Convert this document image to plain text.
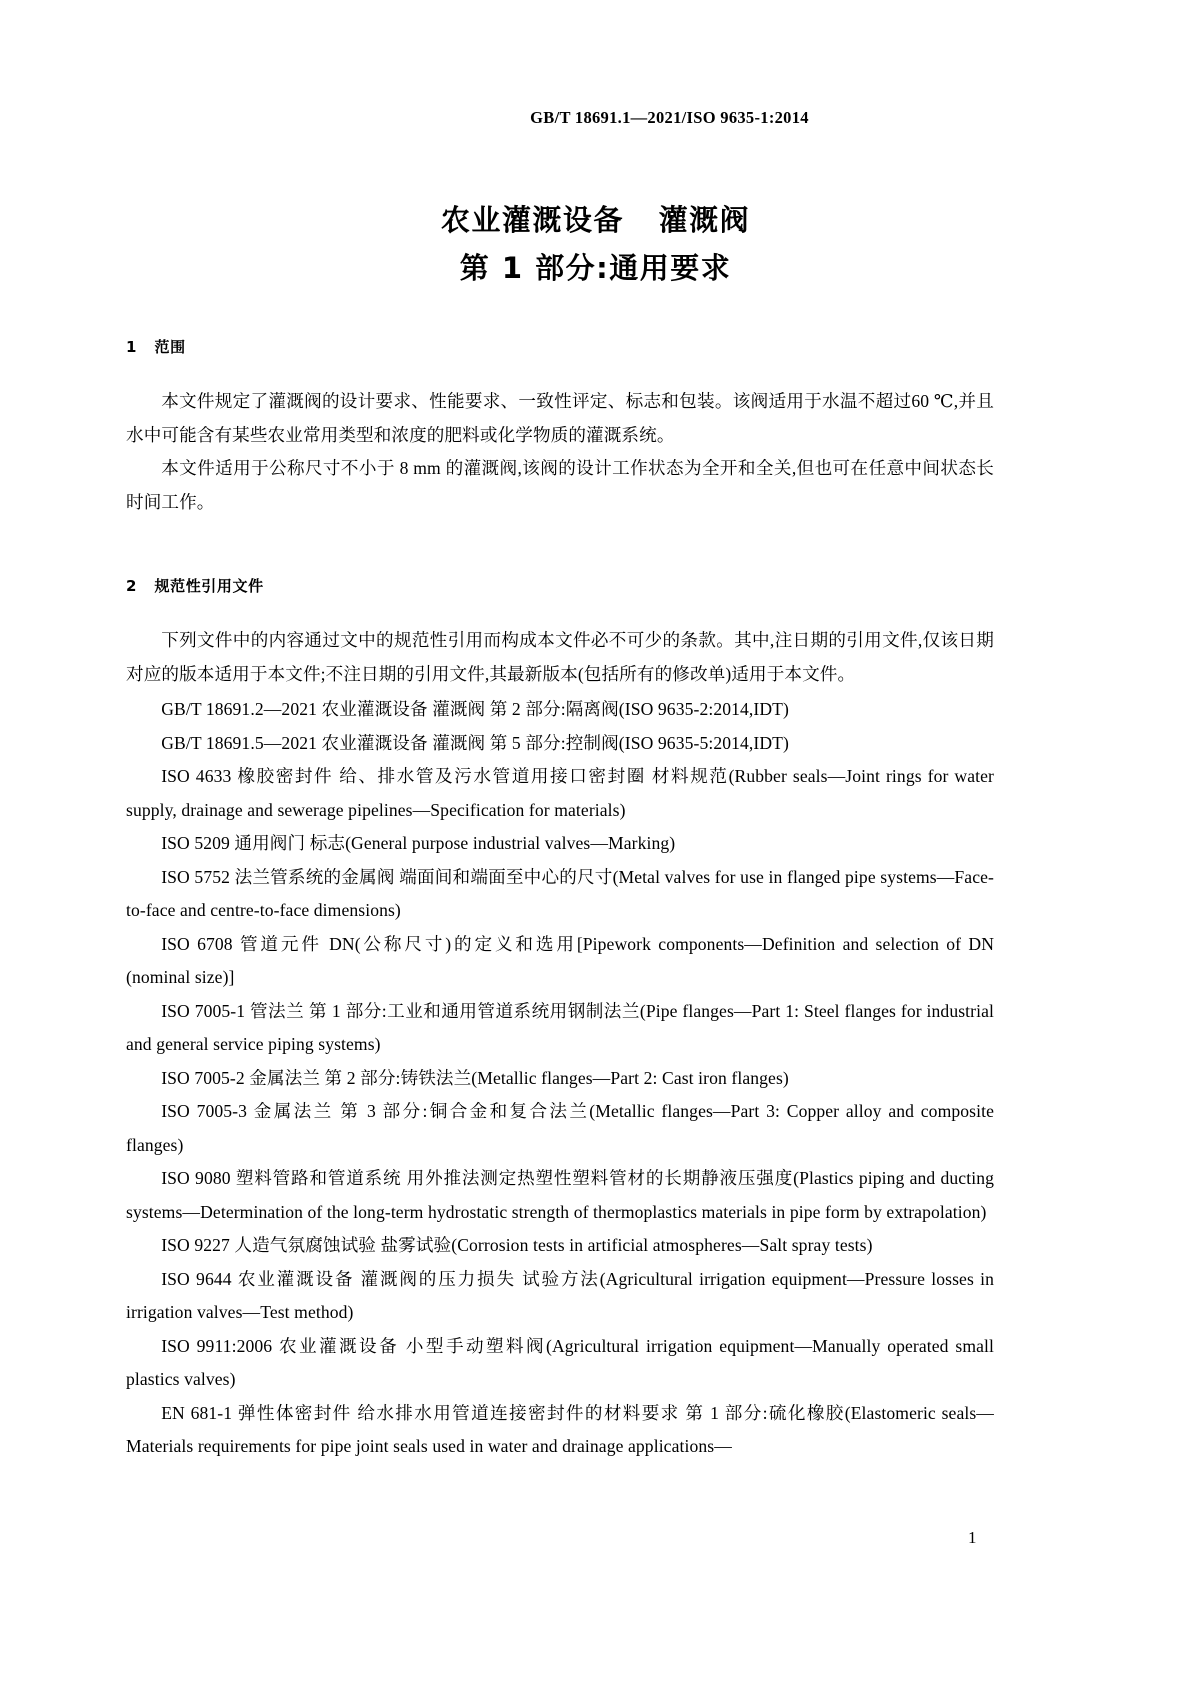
GB/T 18691.1—2021/ISO 9635-1:2014
农业灌溉设备   灌溉阀
第 1 部分:通用要求
1   范围

本文件规定了灌溉阀的设计要求、性能要求、一致性评定、标志和包装。该阀适用于水温不超过60 ℃,并且水中可能含有某些农业常用类型和浓度的肥料或化学物质的灌溉系统。

本文件适用于公称尺寸不小于 8 mm 的灌溉阀,该阀的设计工作状态为全开和全关,但也可在任意中间状态长时间工作。

2   规范性引用文件

下列文件中的内容通过文中的规范性引用而构成本文件必不可少的条款。其中,注日期的引用文件,仅该日期对应的版本适用于本文件;不注日期的引用文件,其最新版本(包括所有的修改单)适用于本文件。

GB/T 18691.2—2021 农业灌溉设备 灌溉阀 第 2 部分:隔离阀(ISO 9635-2:2014,IDT)
GB/T 18691.5—2021 农业灌溉设备 灌溉阀 第 5 部分:控制阀(ISO 9635-5:2014,IDT)
ISO 4633 橡胶密封件 给、排水管及污水管道用接口密封圈 材料规范(Rubber seals—Joint rings for water supply, drainage and sewerage pipelines—Specification for materials)
ISO 5209 通用阀门 标志(General purpose industrial valves—Marking)
ISO 5752 法兰管系统的金属阀 端面间和端面至中心的尺寸(Metal valves for use in flanged pipe systems—Face-to-face and centre-to-face dimensions)
ISO 6708 管道元件 DN(公称尺寸)的定义和选用[Pipework components—Definition and selection of DN (nominal size)]
ISO 7005-1 管法兰 第 1 部分:工业和通用管道系统用钢制法兰(Pipe flanges—Part 1: Steel flanges for industrial and general service piping systems)
ISO 7005-2 金属法兰 第 2 部分:铸铁法兰(Metallic flanges—Part 2: Cast iron flanges)
ISO 7005-3 金属法兰 第 3 部分:铜合金和复合法兰(Metallic flanges—Part 3: Copper alloy and composite flanges)
ISO 9080 塑料管路和管道系统 用外推法测定热塑性塑料管材的长期静液压强度(Plastics piping and ducting systems—Determination of the long-term hydrostatic strength of thermoplastics materials in pipe form by extrapolation)
ISO 9227 人造气氛腐蚀试验 盐雾试验(Corrosion tests in artificial atmospheres—Salt spray tests)
ISO 9644 农业灌溉设备 灌溉阀的压力损失 试验方法(Agricultural irrigation equipment—Pressure losses in irrigation valves—Test method)
ISO 9911:2006 农业灌溉设备 小型手动塑料阀(Agricultural irrigation equipment—Manually operated small plastics valves)
EN 681-1 弹性体密封件 给水排水用管道连接密封件的材料要求 第 1 部分:硫化橡胶(Elastomeric seals—Materials requirements for pipe joint seals used in water and drainage applications—
1
